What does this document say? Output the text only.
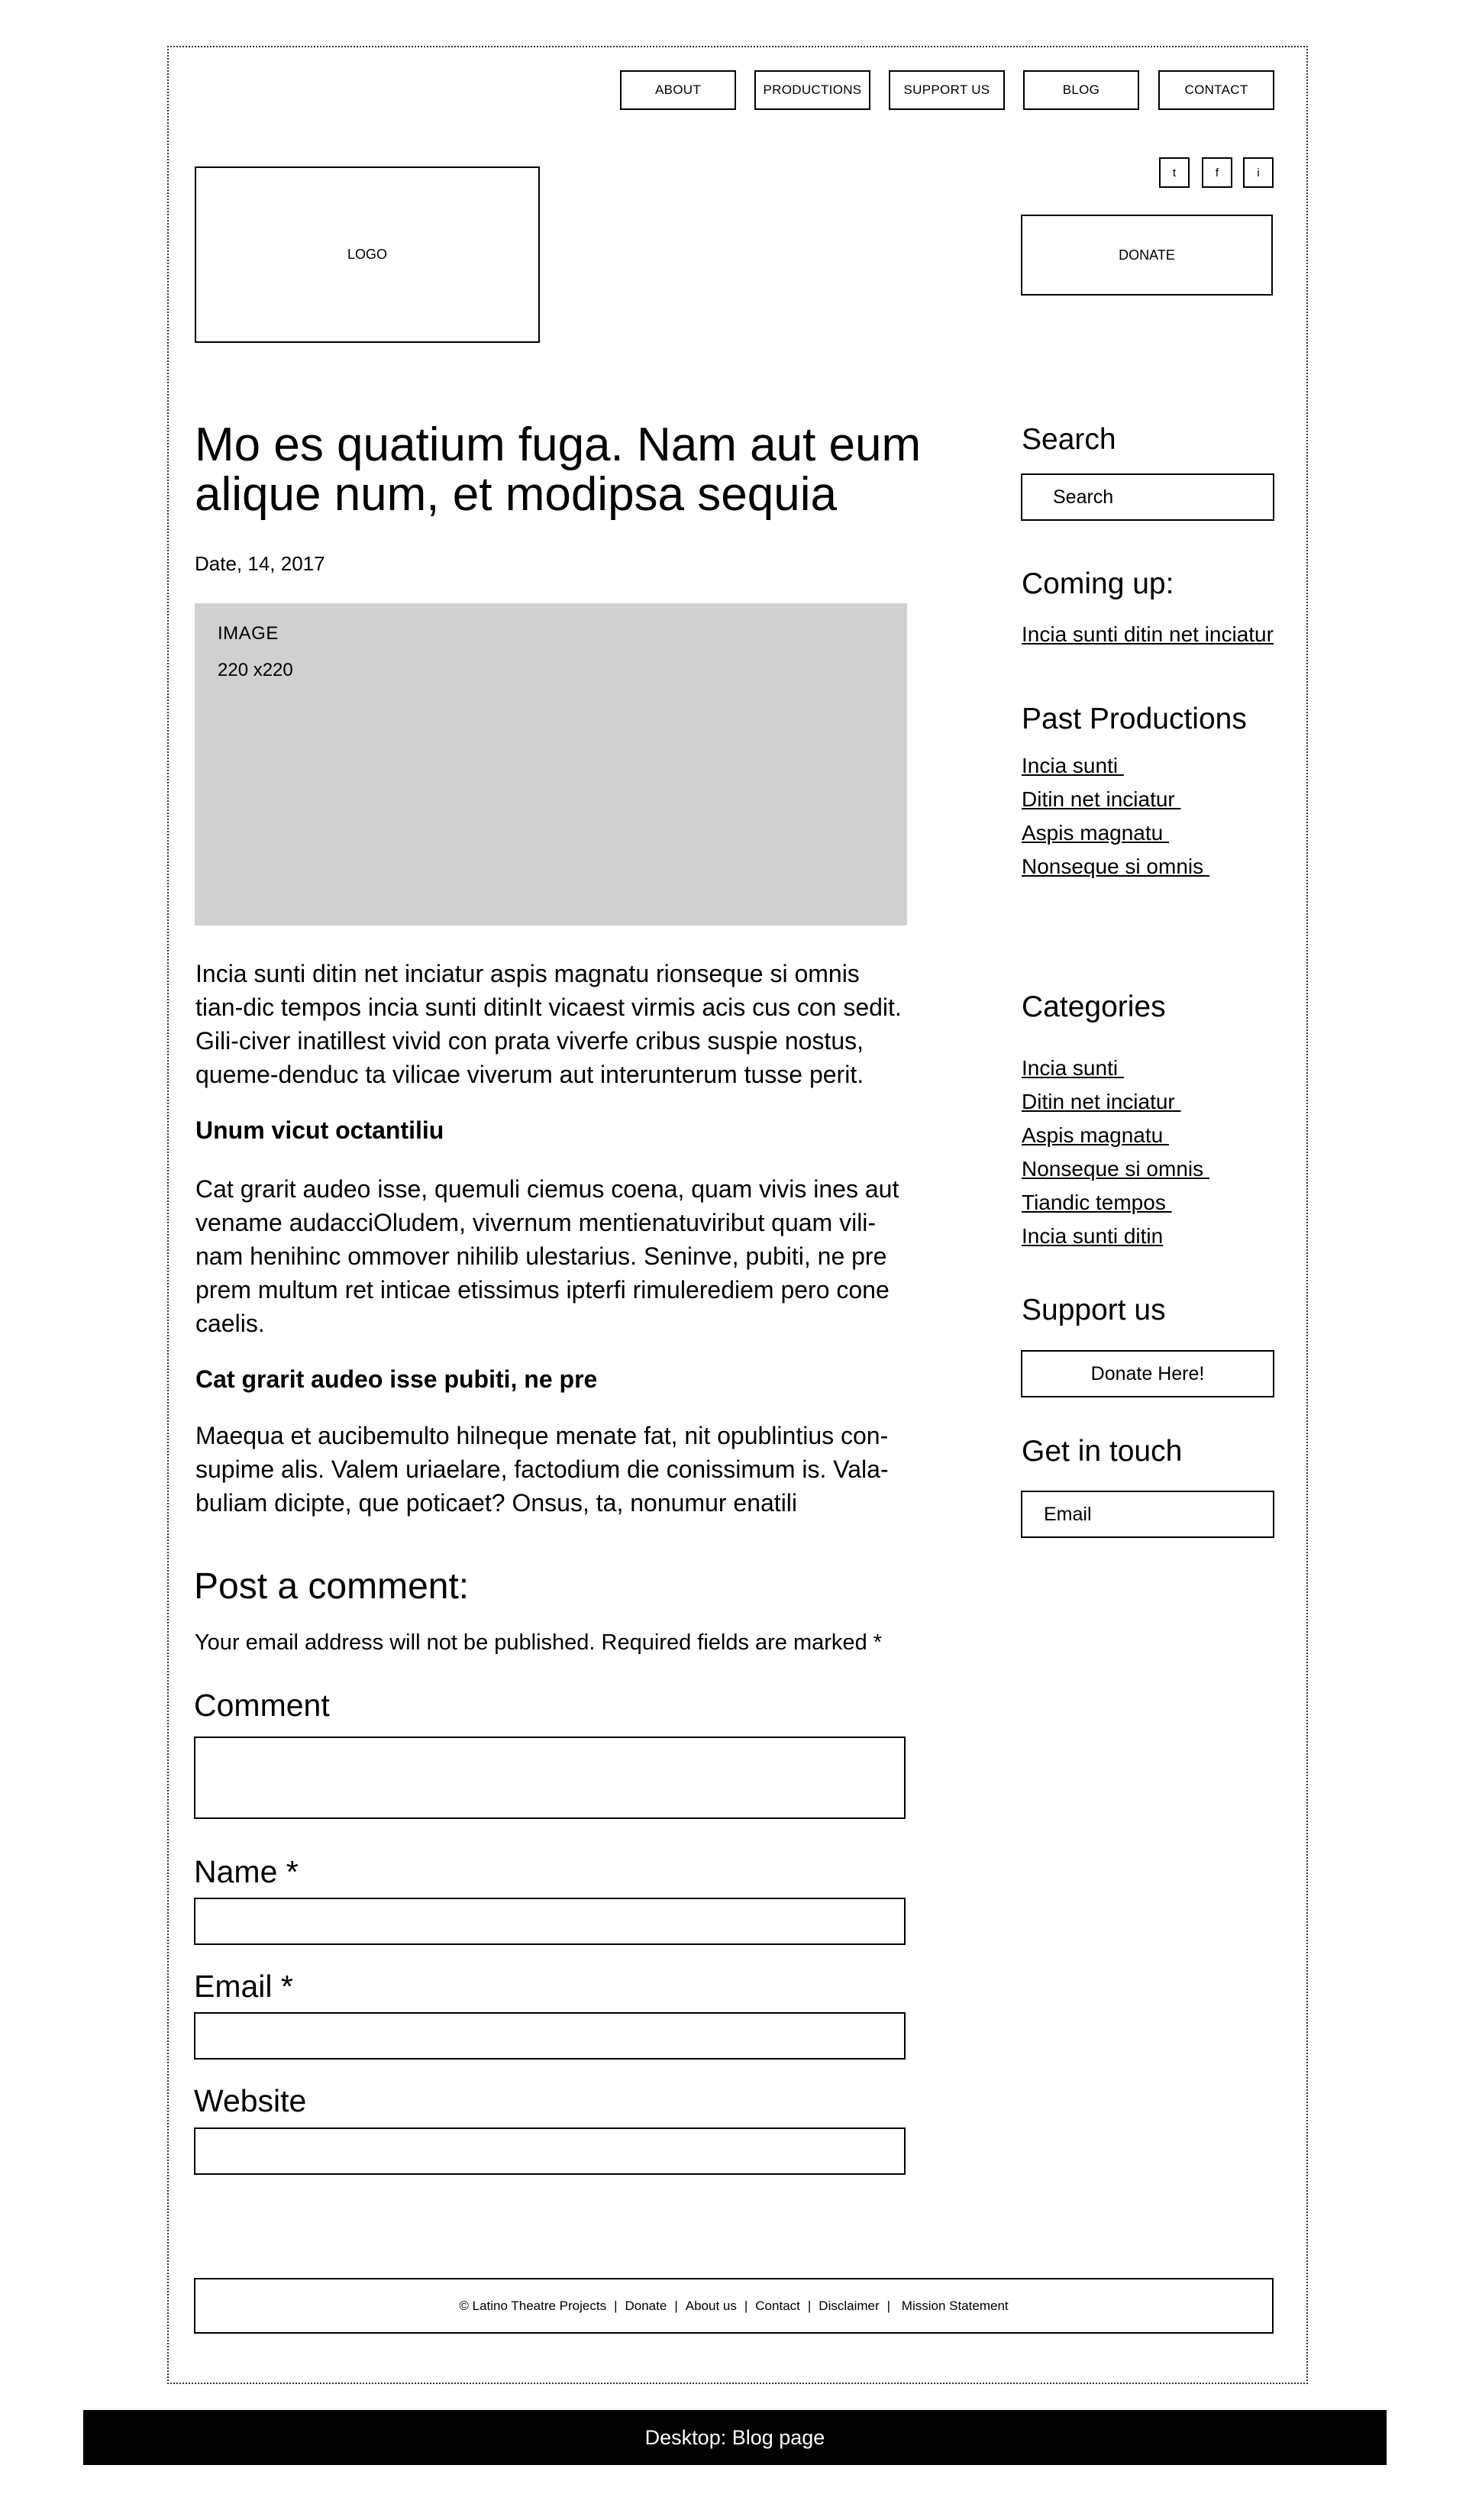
ABOUT	PRODUCTIONS	SUPPORT US	BLOG	CONTACT
t	f	i
LOGO	DONATE
Mo es quatium fuga. Nam aut eum alique num, et modipsa sequia
Date, 14, 2017
IMAGE
220 x220

Incia sunti ditin net inciatur aspis magnatu rionseque si omnis tian-dic tempos incia sunti ditinIt vicaest virmis acis cus con sedit. Gili-civer inatillest vivid con prata viverfe cribus suspie nostus, queme-denduc ta vilicae viverum aut interunterum tusse perit.

Unum vicut octantiliu

Cat grarit audeo isse, quemuli ciemus coena, quam vivis ines aut vename audacciOludem, vivernum mentienatuviribut quam vili-nam henihinc ommover nihilib ulestarius. Seninve, pubiti, ne pre prem multum ret inticae etissimus ipterfi rimulerediem pero cone caelis.

Cat grarit audeo isse pubiti, ne pre

Maequa et aucibemulto hilneque menate fat, nit opublintius con-supime alis. Valem uriaelare, factodium die conissimum is. Vala-buliam dicipte, que poticaet? Onsus, ta, nonumur enatili

Post a comment:
Your email address will not be published. Required fields are marked *
Comment
Name *
Email *
Website
Search
Search
Coming up:
Incia sunti ditin net inciatur
Past Productions
Incia sunti
Ditin net inciatur
Aspis magnatu
Nonseque si omnis
Categories
Incia sunti
Ditin net inciatur
Aspis magnatu
Nonseque si omnis
Tiandic tempos
Incia sunti ditin
Support us
Donate Here!
Get in touch
Email
© Latino Theatre Projects | Donate | About us | Contact | Disclaimer | Mission Statement
Desktop: Blog page
